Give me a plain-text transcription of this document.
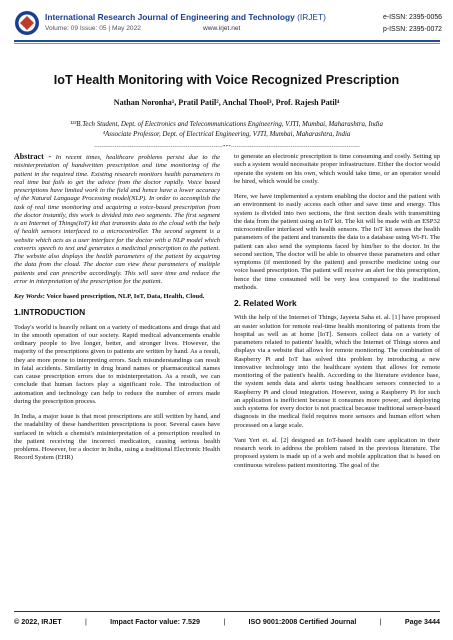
International Research Journal of Engineering and Technology (IRJET)
Volume: 09 Issue: 05 | May 2022	www.irjet.net
e-ISSN: 2395-0056
p-ISSN: 2395-0072
IoT Health Monitoring with Voice Recognized Prescription
Nathan Noronha¹, Pratil Patil², Anchal Thool³, Prof. Rajesh Patil⁴
¹²³B.Tech Student, Dept. of Electronics and Telecommunications Engineering, VJTI, Mumbai, Maharashtra, India
⁴Associate Professor, Dept. of Electrical Engineering, VJTI, Mumbai, Maharashtra, India
---------------------------------------------------------------------***---------------------------------------------------------------------

Abstract - In recent times, healthcare problems persist due to the misinterpretation of handwritten prescription and time monitoring of the patient in the required time. Existing research monitors health parameters in real time but fails to get the advice from the doctor rapidly. Voice based prescriptions have limited work in the field and hence have a lower accuracy of the Natural Language Processing model(NLP). In order to accomplish the task of real time monitoring and acquiring a voice-based prescription from the doctor instantly, this work is divided into two segments. The first segment is an Internet of Things(IoT) kit that transmits data to the cloud with the help of health sensors interfaced to a microcontroller. The second segment is a website which acts as a user interface for the doctor with a NLP model which converts speech to text and generates a medicinal prescription to the patient. The website also displays the health parameters of the patient by acquiring the data from the cloud. The doctor can view these parameters of multiple patients and can prescribe accordingly. This will save time and reduce the error in interpretation of the prescription for the patient.

Key Words: Voice based prescription, NLP, IoT, Data, Health, Cloud.

1.INTRODUCTION

Today's world is heavily reliant on a variety of medications and drugs that aid in the smooth operation of our society. Rapid medical advancements enable ordinary people to live longer, better, and stronger lives. However, the majority of the prescriptions given to patients are written by hand. As a result, they are more prone to interpreting errors. Such misunderstandings can result in fatal accidents. Similarity in drug brand names or pharmaceutical names can cause prescription errors due to misinterpretation. As a result, we can conclude that human factors play a significant role. The introduction of automation and technology can help to reduce the number of errors made during the prescription process.

In India, a major issue is that most prescriptions are still written by hand, and the readability of these handwritten prescriptions is poor. Several cases have surfaced in which a chemist's misinterpretation of a prescription resulted in the patient receiving the incorrect medication, causing serious health problems. However, for a doctor in India, using a traditional Electronic Health Record System (EHR)

to generate an electronic prescription is time consuming and costly. Setting up such a system would necessitate proper infrastructure. Either the doctor would operate the system on his own, which would take time, or an operator would be hired, which would be costly.

Here, we have implemented a system enabling the doctor and the patient with an environment to easily access each other and save time and energy. This system is divided into two sections, the first section deals with transmitting the data from the patient using an IoT kit. The kit will be made with an ESP32 microcontroller interfaced with health sensors. The IoT kit senses the health parameters of the patient and transmits the data to a database using Wi-Fi. The patient can also send the symptoms faced by him/her to the doctor. In the second section, The doctor will be able to observe these parameters and other symptoms (if mentioned by the patient) and prescribe medicine using our voice based prescription. The patient will receive an alert for this prescription, hence the time consumed will be very less compared to the traditional methods.

2. Related Work

With the help of the Internet of Things, Jayeeta Saha et. al. [1] have proposed an easier solution for remote real-time health monitoring of patients from the hospital as well as at home [IoT]. Sensors collect data on a variety of parameters related to patients' health, which the Internet of Things stores and displays via a website that allows for remote monitoring. The combination of Raspberry Pi and IoT has solved this problem by introducing a new innovative technology into the healthcare system that allows for remote monitoring of the patient's health. According to the literature evidence base, the system sends data and alerts using healthcare sensors connected to a Raspberry Pi and cloud integration. However, using a Raspberry Pi for such an application is inefficient because it consumes more power, and deploying such systems for every doctor is not practical because traditional sensor-based diagnosis in the medical field requires more sensors and human effort when processed on a large scale.

Vani Yeri et. al. [2] designed an IoT-based health care application in their research work to address the problem raised in the previous literature. The proposed system is made up of a web and mobile application that is based on continuous wireless patient monitoring. The goal of the

© 2022, IRJET	|	Impact Factor value: 7.529	|	ISO 9001:2008 Certified Journal	|	Page 3444
